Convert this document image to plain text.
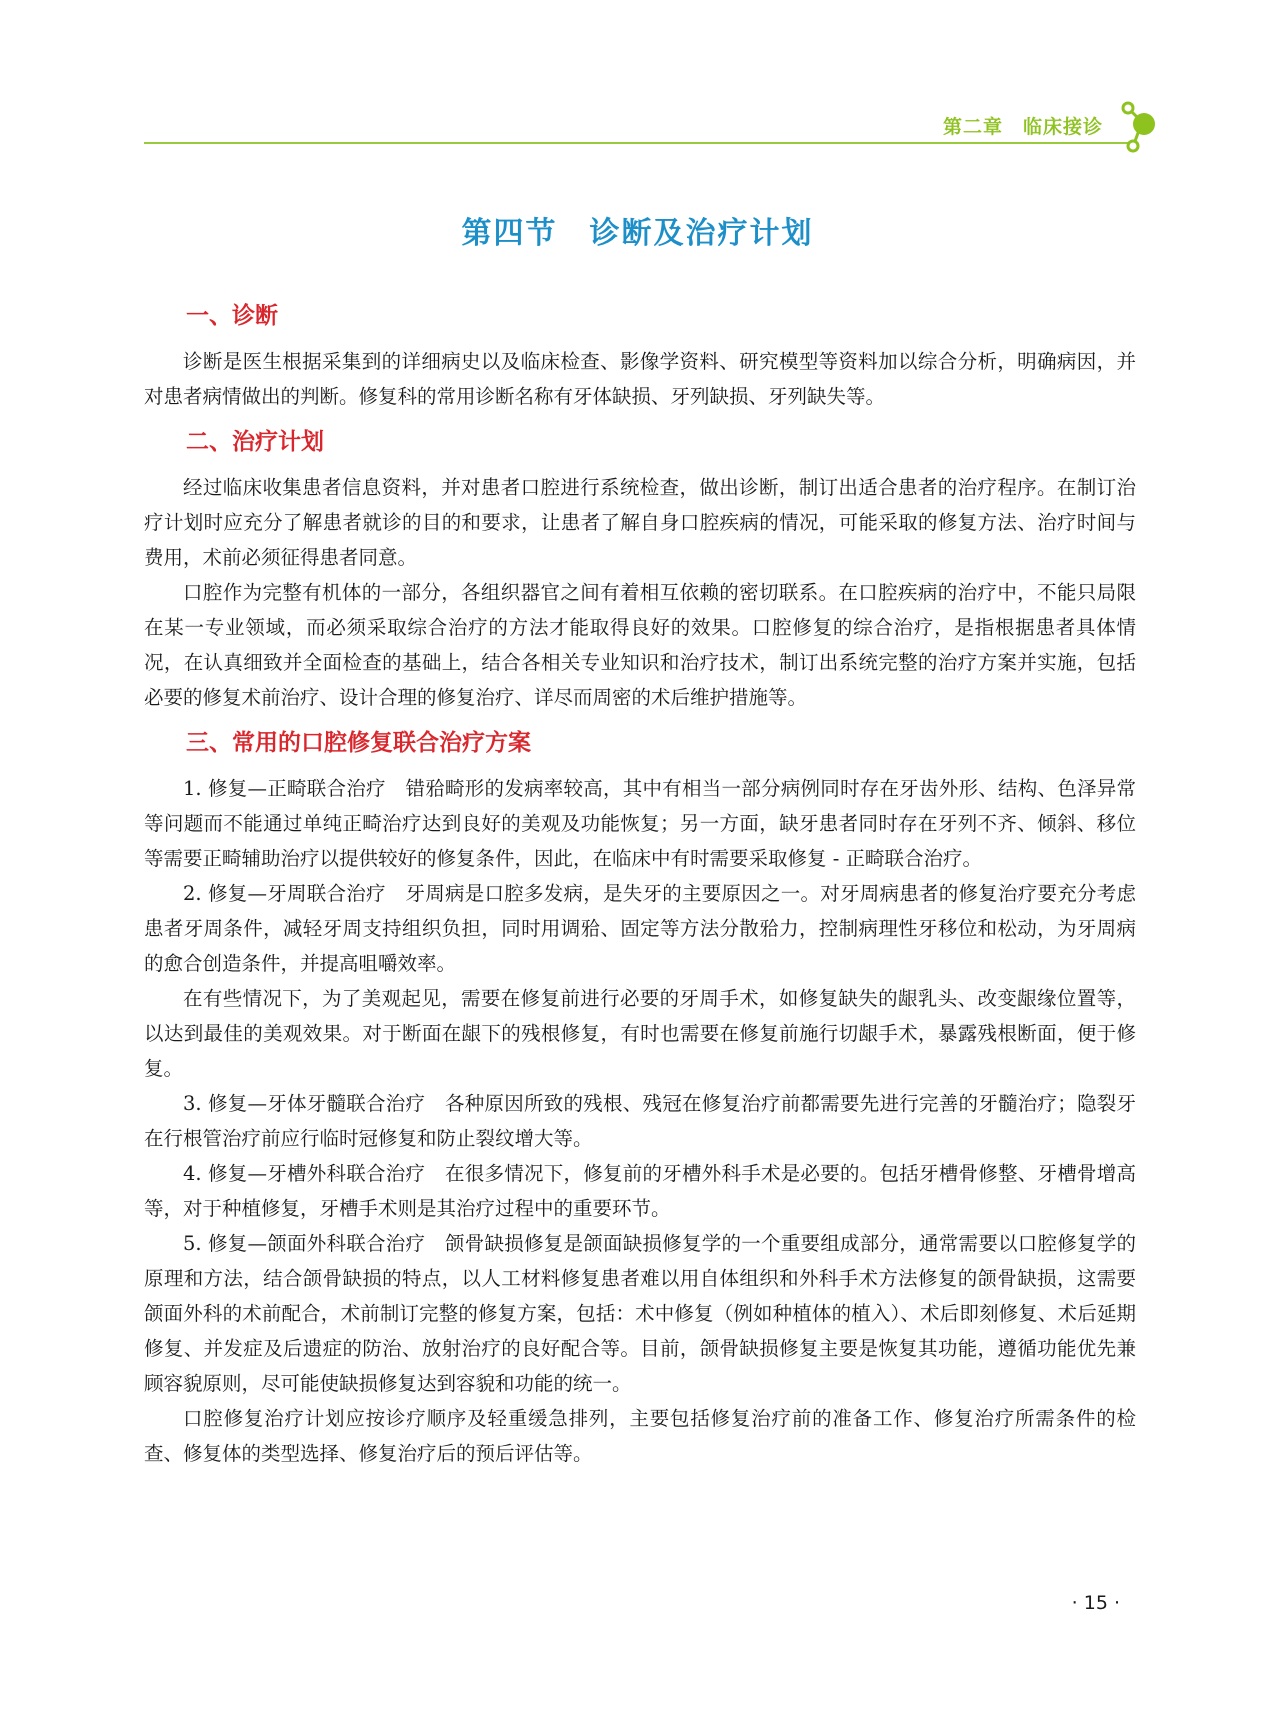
第二章　临床接诊
第四节　诊断及治疗计划
一、诊断

诊断是医生根据采集到的详细病史以及临床检查、影像学资料、研究模型等资料加以综合分析，明确病因，并对患者病情做出的判断。修复科的常用诊断名称有牙体缺损、牙列缺损、牙列缺失等。

二、治疗计划

经过临床收集患者信息资料，并对患者口腔进行系统检查，做出诊断，制订出适合患者的治疗程序。在制订治疗计划时应充分了解患者就诊的目的和要求，让患者了解自身口腔疾病的情况，可能采取的修复方法、治疗时间与费用，术前必须征得患者同意。

口腔作为完整有机体的一部分，各组织器官之间有着相互依赖的密切联系。在口腔疾病的治疗中，不能只局限在某一专业领域，而必须采取综合治疗的方法才能取得良好的效果。口腔修复的综合治疗，是指根据患者具体情况，在认真细致并全面检查的基础上，结合各相关专业知识和治疗技术，制订出系统完整的治疗方案并实施，包括必要的修复术前治疗、设计合理的修复治疗、详尽而周密的术后维护措施等。

三、常用的口腔修复联合治疗方案

1. 修复—正畸联合治疗　错𬌗畸形的发病率较高，其中有相当一部分病例同时存在牙齿外形、结构、色泽异常等问题而不能通过单纯正畸治疗达到良好的美观及功能恢复；另一方面，缺牙患者同时存在牙列不齐、倾斜、移位等需要正畸辅助治疗以提供较好的修复条件，因此，在临床中有时需要采取修复 - 正畸联合治疗。

2. 修复—牙周联合治疗　牙周病是口腔多发病，是失牙的主要原因之一。对牙周病患者的修复治疗要充分考虑患者牙周条件，减轻牙周支持组织负担，同时用调𬌗、固定等方法分散𬌗力，控制病理性牙移位和松动，为牙周病的愈合创造条件，并提高咀嚼效率。

在有些情况下，为了美观起见，需要在修复前进行必要的牙周手术，如修复缺失的龈乳头、改变龈缘位置等，以达到最佳的美观效果。对于断面在龈下的残根修复，有时也需要在修复前施行切龈手术，暴露残根断面，便于修复。

3. 修复—牙体牙髓联合治疗　各种原因所致的残根、残冠在修复治疗前都需要先进行完善的牙髓治疗；隐裂牙在行根管治疗前应行临时冠修复和防止裂纹增大等。

4. 修复—牙槽外科联合治疗　在很多情况下，修复前的牙槽外科手术是必要的。包括牙槽骨修整、牙槽骨增高等，对于种植修复，牙槽手术则是其治疗过程中的重要环节。

5. 修复—颌面外科联合治疗　颌骨缺损修复是颌面缺损修复学的一个重要组成部分，通常需要以口腔修复学的原理和方法，结合颌骨缺损的特点，以人工材料修复患者难以用自体组织和外科手术方法修复的颌骨缺损，这需要颌面外科的术前配合，术前制订完整的修复方案，包括：术中修复（例如种植体的植入）、术后即刻修复、术后延期修复、并发症及后遗症的防治、放射治疗的良好配合等。目前，颌骨缺损修复主要是恢复其功能，遵循功能优先兼顾容貌原则，尽可能使缺损修复达到容貌和功能的统一。

口腔修复治疗计划应按诊疗顺序及轻重缓急排列，主要包括修复治疗前的准备工作、修复治疗所需条件的检查、修复体的类型选择、修复治疗后的预后评估等。

· 15 ·
